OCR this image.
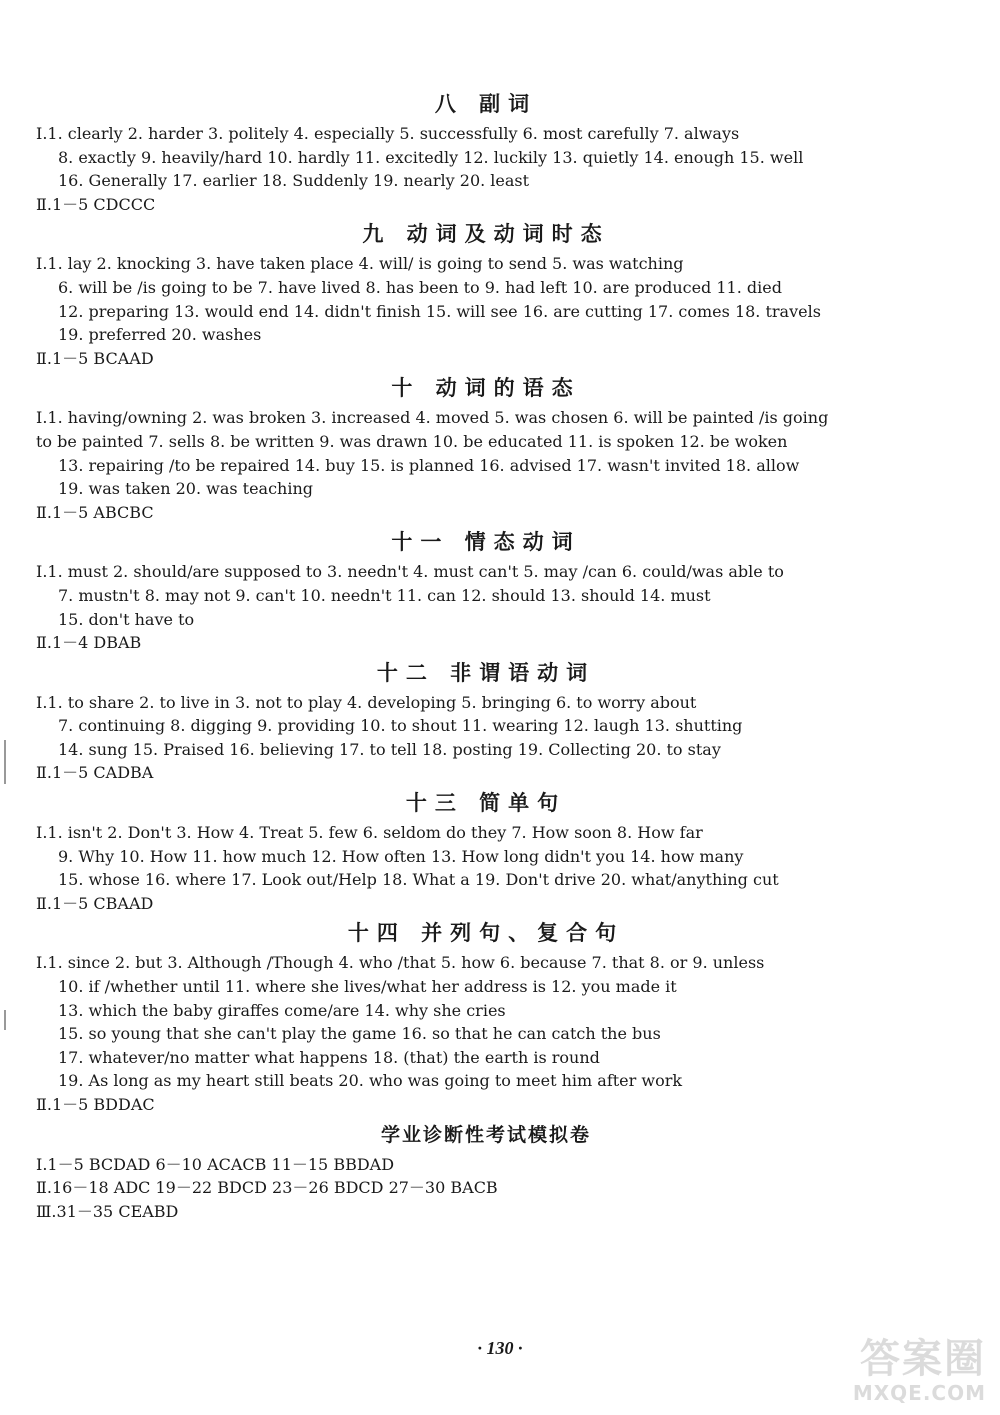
八 副词
Ⅰ.1. clearly 2. harder 3. politely 4. especially 5. successfully 6. most carefully 7. always
8. exactly 9. heavily/hard 10. hardly 11. excitedly 12. luckily 13. quietly 14. enough 15. well
16. Generally 17. earlier 18. Suddenly 19. nearly 20. least
Ⅱ.1－5 CDCCC
九 动词及动词时态
Ⅰ.1. lay 2. knocking 3. have taken place 4. will/ is going to send 5. was watching
6. will be /is going to be 7. have lived 8. has been to 9. had left 10. are produced 11. died
12. preparing 13. would end 14. didn't finish 15. will see 16. are cutting 17. comes 18. travels
19. preferred 20. washes
Ⅱ.1－5 BCAAD
十 动词的语态
Ⅰ.1. having/owning 2. was broken 3. increased 4. moved 5. was chosen 6. will be painted /is going
to be painted 7. sells 8. be written 9. was drawn 10. be educated 11. is spoken 12. be woken
13. repairing /to be repaired 14. buy 15. is planned 16. advised 17. wasn't invited 18. allow
19. was taken 20. was teaching
Ⅱ.1－5 ABCBC
十一 情态动词
Ⅰ.1. must 2. should/are supposed to 3. needn't 4. must can't 5. may /can 6. could/was able to
7. mustn't 8. may not 9. can't 10. needn't 11. can 12. should 13. should 14. must
15. don't have to
Ⅱ.1－4 DBAB
十二 非谓语动词
Ⅰ.1. to share 2. to live in 3. not to play 4. developing 5. bringing 6. to worry about
7. continuing 8. digging 9. providing 10. to shout 11. wearing 12. laugh 13. shutting
14. sung 15. Praised 16. believing 17. to tell 18. posting 19. Collecting 20. to stay
Ⅱ.1－5 CADBA
十三 简单句
Ⅰ.1. isn't 2. Don't 3. How 4. Treat 5. few 6. seldom do they 7. How soon 8. How far
9. Why 10. How 11. how much 12. How often 13. How long didn't you 14. how many
15. whose 16. where 17. Look out/Help 18. What a 19. Don't drive 20. what/anything cut
Ⅱ.1－5 CBAAD
十四 并列句、复合句
Ⅰ.1. since 2. but 3. Although /Though 4. who /that 5. how 6. because 7. that 8. or 9. unless
10. if /whether until 11. where she lives/what her address is 12. you made it
13. which the baby giraffes come/are 14. why she cries
15. so young that she can't play the game 16. so that he can catch the bus
17. whatever/no matter what happens 18. (that) the earth is round
19. As long as my heart still beats 20. who was going to meet him after work
Ⅱ.1－5 BDDAC
学业诊断性考试模拟卷
Ⅰ.1－5 BCDAD 6－10 ACACB 11－15 BBDAD
Ⅱ.16－18 ADC 19－22 BDCD 23－26 BDCD 27－30 BACB
Ⅲ.31－35 CEABD
· 130 ·	答案圈
MXQE.COM
